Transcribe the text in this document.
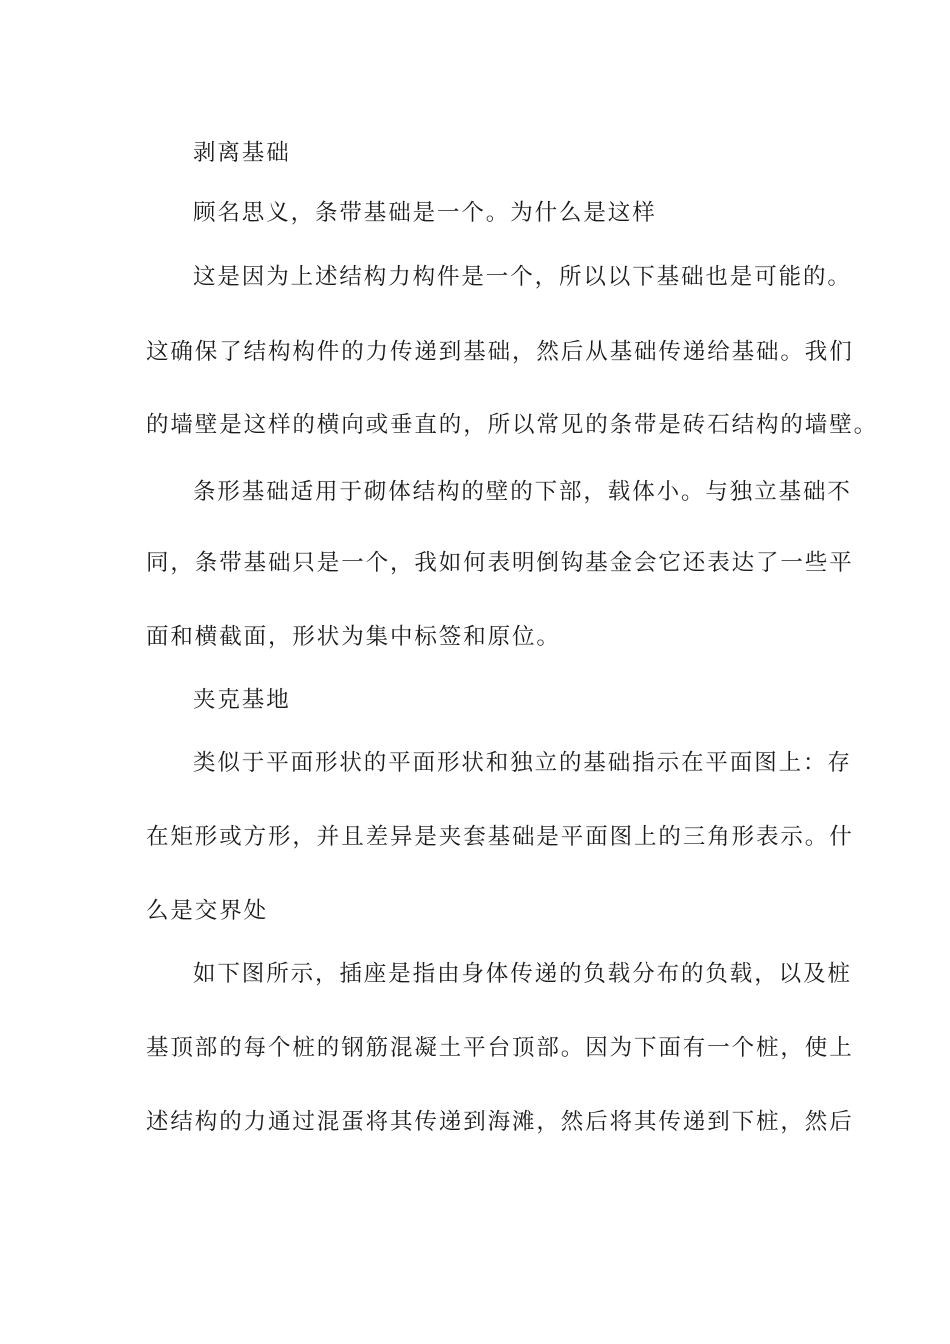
剥离基础
顾名思义，条带基础是一个。为什么是这样
这是因为上述结构力构件是一个，所以以下基础也是可能的。
这确保了结构构件的力传递到基础，然后从基础传递给基础。我们
的墙壁是这样的横向或垂直的，所以常见的条带是砖石结构的墙壁。
条形基础适用于砌体结构的壁的下部，载体小。与独立基础不
同，条带基础只是一个，我如何表明倒钩基金会它还表达了一些平
面和横截面，形状为集中标签和原位。
夹克基地
类似于平面形状的平面形状和独立的基础指示在平面图上：存
在矩形或方形，并且差异是夹套基础是平面图上的三角形表示。什
么是交界处
如下图所示，插座是指由身体传递的负载分布的负载，以及桩
基顶部的每个桩的钢筋混凝土平台顶部。因为下面有一个桩，使上
述结构的力通过混蛋将其传递到海滩，然后将其传递到下桩，然后
